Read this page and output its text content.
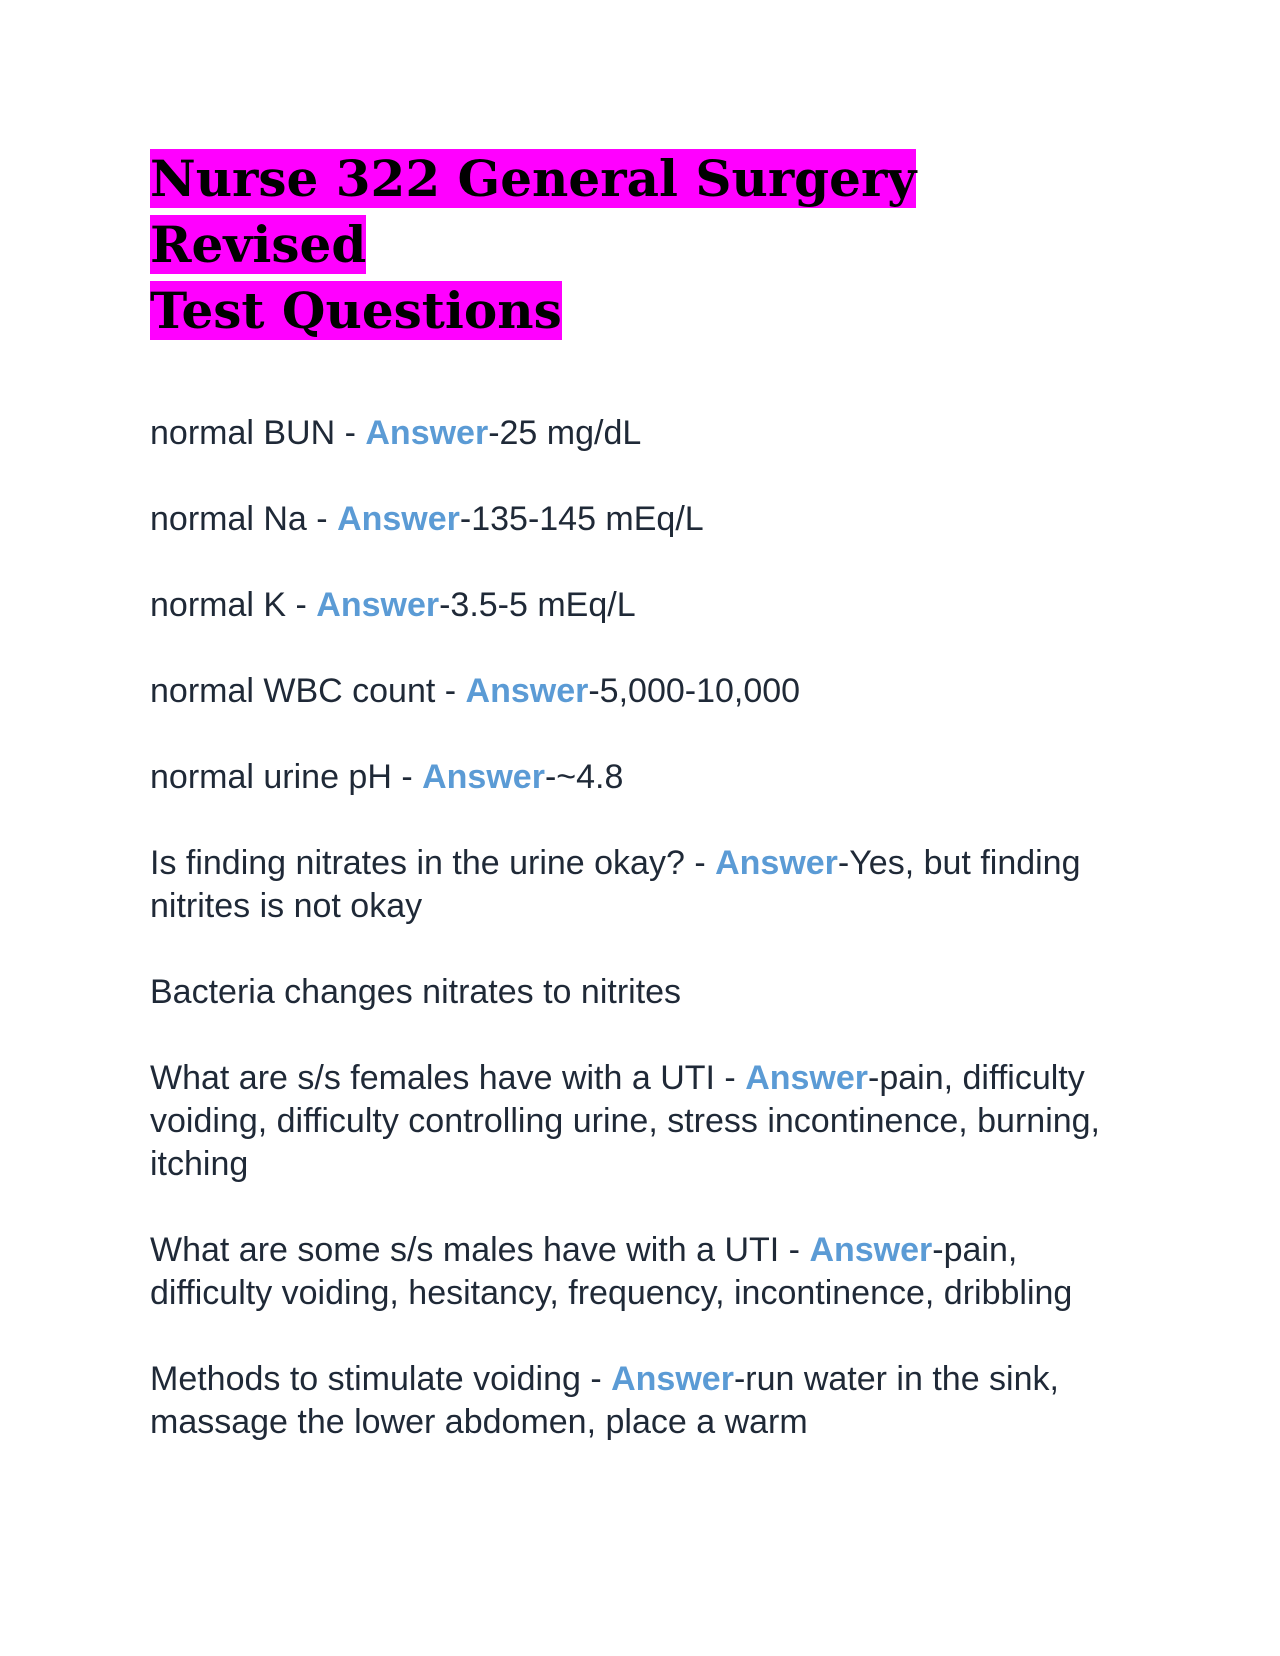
Nurse 322 General Surgery Revised
Test Questions

normal BUN - Answer-25 mg/dL

normal Na - Answer-135-145 mEq/L

normal K - Answer-3.5-5 mEq/L

normal WBC count - Answer-5,000-10,000

normal urine pH - Answer-~4.8

Is finding nitrates in the urine okay? - Answer-Yes, but finding nitrites is not okay

Bacteria changes nitrates to nitrites

What are s/s females have with a UTI - Answer-pain, difficulty voiding, difficulty controlling urine, stress incontinence, burning, itching

What are some s/s males have with a UTI - Answer-pain, difficulty voiding, hesitancy, frequency, incontinence, dribbling

Methods to stimulate voiding - Answer-run water in the sink, massage the lower abdomen, place a warm
